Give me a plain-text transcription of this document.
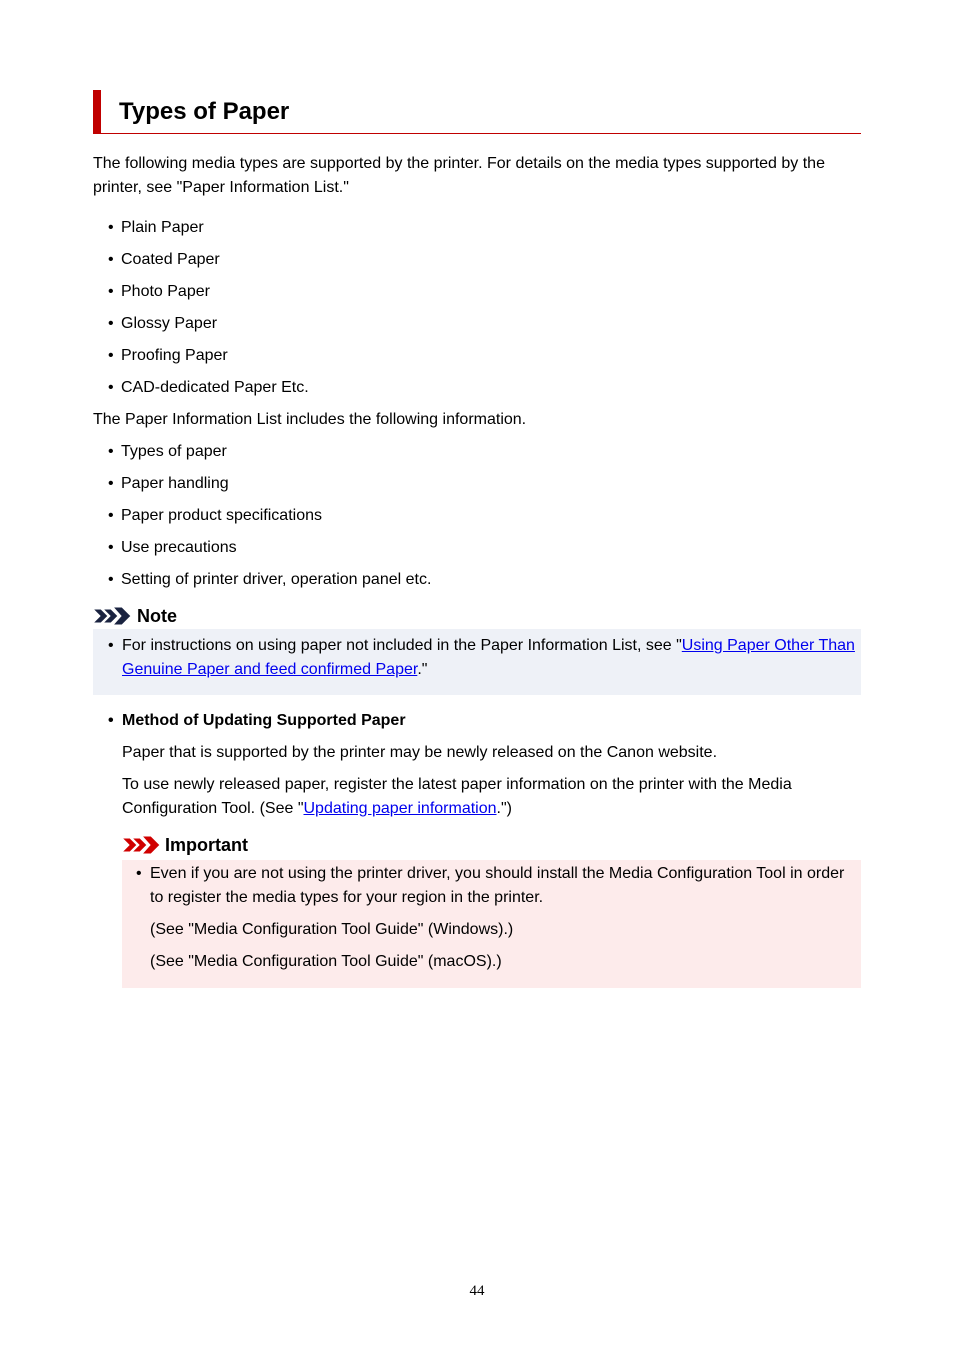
Types of Paper

The following media types are supported by the printer. For details on the media types supported by the printer, see "Paper Information List."

• Plain Paper
• Coated Paper
• Photo Paper
• Glossy Paper
• Proofing Paper
• CAD-dedicated Paper Etc.

The Paper Information List includes the following information.

• Types of paper
• Paper handling
• Paper product specifications
• Use precautions
• Setting of printer driver, operation panel etc.
Note
• For instructions on using paper not included in the Paper Information List, see "Using Paper Other Than Genuine Paper and feed confirmed Paper."
• Method of Updating Supported Paper

Paper that is supported by the printer may be newly released on the Canon website.

To use newly released paper, register the latest paper information on the printer with the Media Configuration Tool. (See "Updating paper information.")

Important
• Even if you are not using the printer driver, you should install the Media Configuration Tool in order to register the media types for your region in the printer.
(See "Media Configuration Tool Guide" (Windows).)
(See "Media Configuration Tool Guide" (macOS).)
44
